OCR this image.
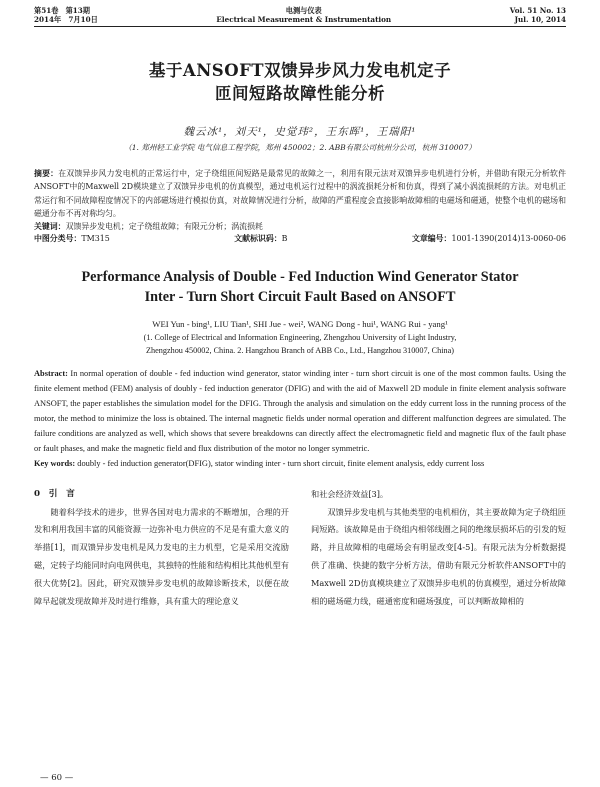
第51卷　第13期
2014年　7月10日
电测与仪表
Electrical Measurement & Instrumentation
Vol. 51 No. 13
Jul. 10, 2014
基于ANSOFT双馈异步风力发电机定子
匝间短路故障性能分析
魏云冰¹，刘天¹，史觉玮²，王东晖¹，王瑞阳¹
（1. 郑州轻工业学院 电气信息工程学院，郑州 450002；2. ABB有限公司杭州分公司，杭州 310007）
摘要：在双馈异步风力发电机的正常运行中，定子绕组匝间短路是最常见的故障之一，利用有限元法对双馈异步电机进行分析，并借助有限元分析软件ANSOFT中的Maxwell 2D模块建立了双馈异步电机的仿真模型，通过电机运行过程中的涡流损耗分析和仿真，得到了减小涡流损耗的方法。对电机正常运行和不同故障程度情况下的内部磁场进行模拟仿真，对故障情况进行分析，故障的严重程度会直接影响故障相的电磁场和磁通，使整个电机的磁场和磁通分布不再对称均匀。
关键词：双馈异步发电机；定子绕组故障；有限元分析；涡流损耗
中图分类号：TM315	文献标识码：B	文章编号：1001-1390(2014)13-0060-06
Performance Analysis of Double - Fed Induction Wind Generator Stator
Inter - Turn Short Circuit Fault Based on ANSOFT
WEI Yun - bing¹, LIU Tian¹, SHI Jue - wei², WANG Dong - hui¹, WANG Rui - yang¹
(1. College of Electrical and Information Engineering, Zhengzhou University of Light Industry,
Zhengzhou 450002, China. 2. Hangzhou Branch of ABB Co., Ltd., Hangzhou 310007, China)
Abstract: In normal operation of double - fed induction wind generator, stator winding inter - turn short circuit is one of the most common faults. Using the finite element method (FEM) analysis of doubly - fed induction generator (DFIG) and with the aid of Maxwell 2D module in finite element analysis software ANSOFT, the paper establishes the simulation model for the DFIG. Through the analysis and simulation on the eddy current loss in the running process of the motor, the method to minimize the loss is obtained. The internal magnetic fields under normal operation and different malfunction degrees are simulated. The failure conditions are analyzed as well, which shows that severe breakdowns can directly affect the electromagnetic field and magnetic flux of the fault phase or fault phases, and make the magnetic field and flux distribution of the motor no longer symmetric.
Key words: doubly - fed induction generator(DFIG), stator winding inter - turn short circuit, finite element analysis, eddy current loss
0　引　言
随着科学技术的进步，世界各国对电力需求的不断增加，合理的开发和利用我国丰富的风能资源一边弥补电力供应的不足是有重大意义的举措[1]，而双馈异步发电机是风力发电的主力机型，它是采用交流励磁，定转子均能同时向电网供电，其独特的性能和结构相比其他机型有很大优势[2]。因此，研究双馈异步发电机的故障诊断技术，以便在故障早起就发现故障并及时进行维修，具有重大的理论意义
和社会经济效益[3]。
双馈异步发电机与其他类型的电机相仿，其主要故障为定子绕组匝间短路。该故障是由于绕组内相邻线圈之间的绝缘层损坏后的引发的短路，并且故障相的电磁场会有明显改变[4-5]。有限元法为分析数据提供了准确、快捷的数字分析方法，借助有限元分析软件ANSOFT中的Maxwell 2D仿真模块建立了双馈异步电机的仿真模型，通过分析故障相的磁场磁力线，磁通密度和磁场强度，可以判断故障相的
— 60 —
